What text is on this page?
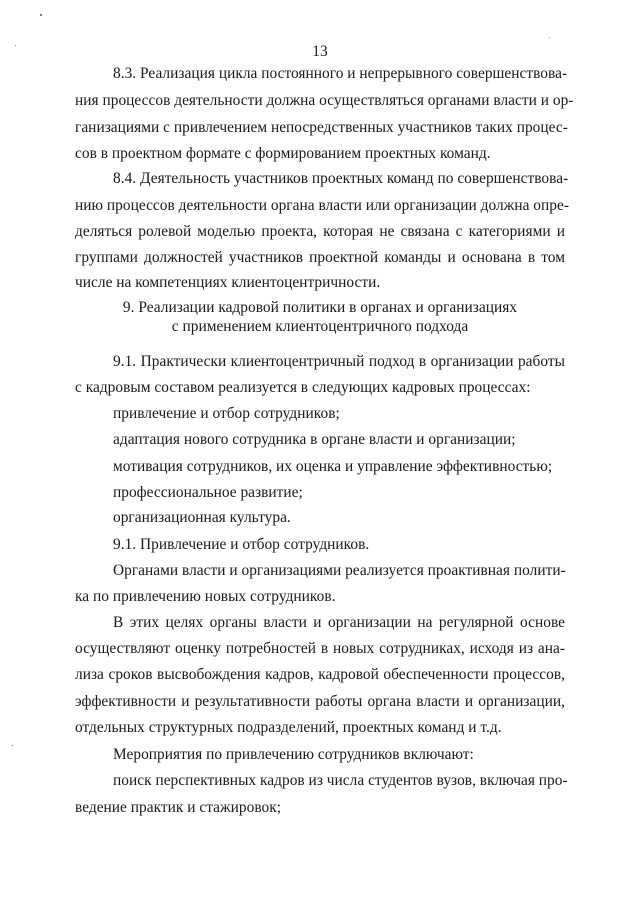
13
8.3. Реализация цикла постоянного и непрерывного совершенствова-
ния процессов деятельности должна осуществляться органами власти и ор-
ганизациями с привлечением непосредственных участников таких процес-
сов в проектном формате с формированием проектных команд.
8.4. Деятельность участников проектных команд по совершенствова-
нию процессов деятельности органа власти или организации должна опре-
деляться ролевой моделью проекта, которая не связана с категориями и
группами должностей участников проектной команды и основана в том
числе на компетенциях клиентоцентричности.
9. Реализации кадровой политики в органах и организациях
с применением клиентоцентричного подхода
9.1. Практически клиентоцентричный подход в организации работы
с кадровым составом реализуется в следующих кадровых процессах:
привлечение и отбор сотрудников;
адаптация нового сотрудника в органе власти и организации;
мотивация сотрудников, их оценка и управление эффективностью;
профессиональное развитие;
организационная культура.
9.1. Привлечение и отбор сотрудников.
Органами власти и организациями реализуется проактивная полити-
ка по привлечению новых сотрудников.
В этих целях органы власти и организации на регулярной основе
осуществляют оценку потребностей в новых сотрудниках, исходя из ана-
лиза сроков высвобождения кадров, кадровой обеспеченности процессов,
эффективности и результативности работы органа власти и организации,
отдельных структурных подразделений, проектных команд и т.д.
Мероприятия по привлечению сотрудников включают:
поиск перспективных кадров из числа студентов вузов, включая про-
ведение практик и стажировок;
